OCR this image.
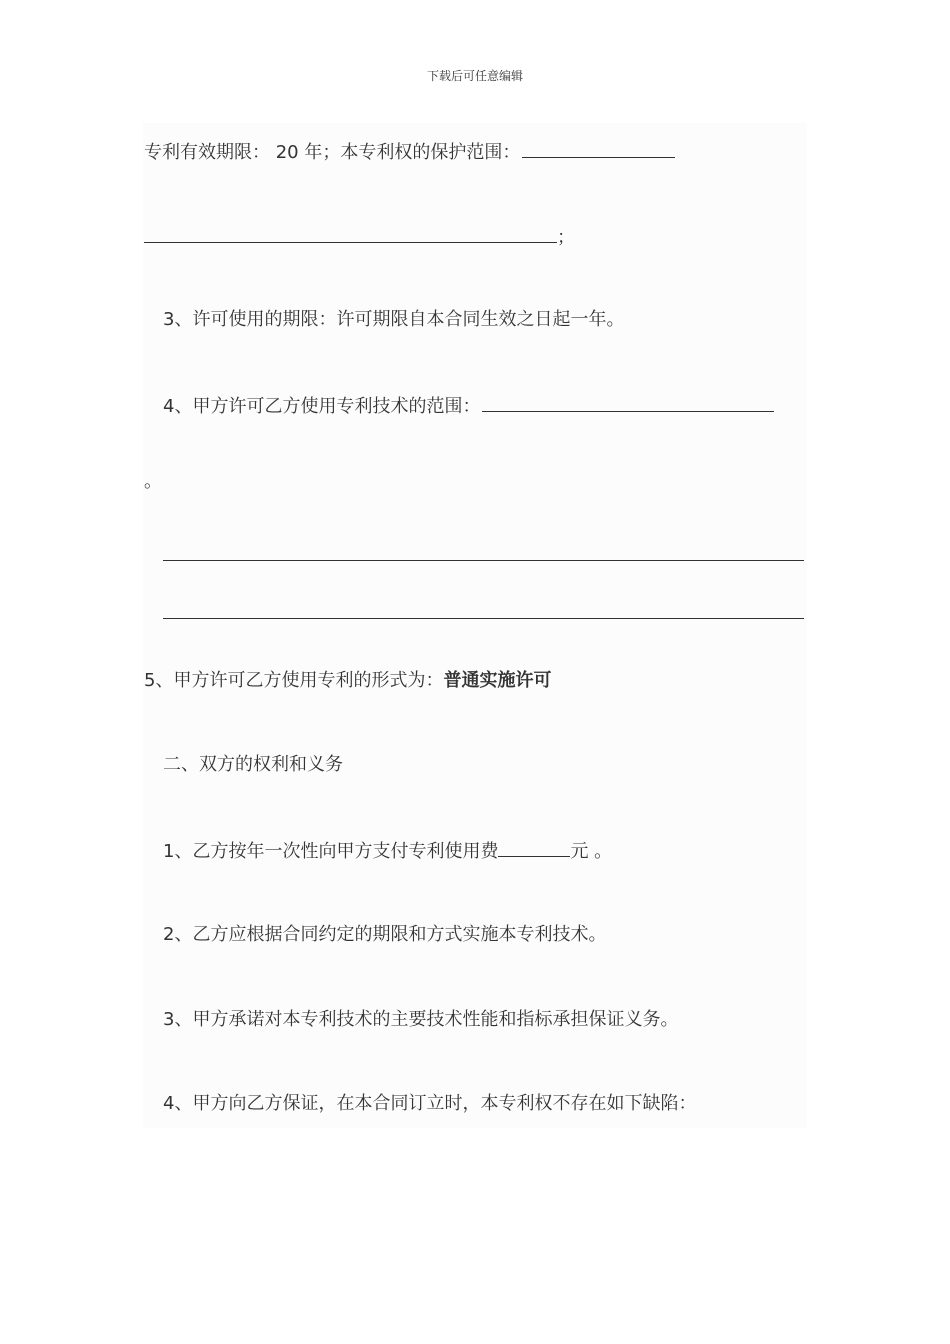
下载后可任意编辑
专利有效期限： 20 年；本专利权的保护范围：
；
3、许可使用的期限：许可期限自本合同生效之日起一年。
4、甲方许可乙方使用专利技术的范围：
。
5、甲方许可乙方使用专利的形式为：普通实施许可
二、双方的权利和义务
1、乙方按年一次性向甲方支付专利使用费	元 。
2、乙方应根据合同约定的期限和方式实施本专利技术。
3、甲方承诺对本专利技术的主要技术性能和指标承担保证义务。
4、甲方向乙方保证，在本合同订立时，本专利权不存在如下缺陷：
